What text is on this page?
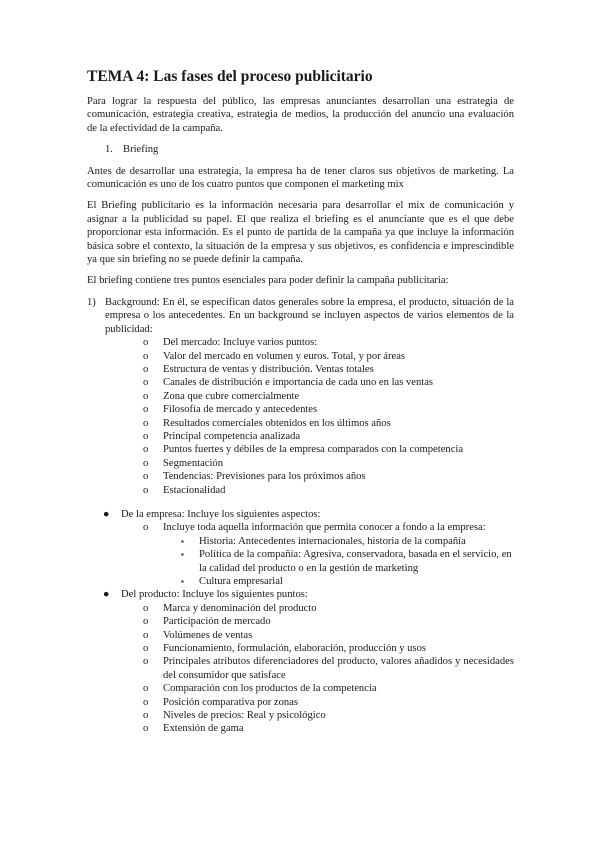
TEMA 4: Las fases del proceso publicitario

Para lograr la respuesta del público, las empresas anunciantes desarrollan una estrategia de comunicación, estrategia creativa, estrategia de medios, la producción del anuncio una evaluación de la efectividad de la campaña.

1. Briefing

Antes de desarrollar una estrategia, la empresa ha de tener claros sus objetivos de marketing. La comunicación es uno de los cuatro puntos que componen el marketing mix

El Briefing publicitario es la información necesaria para desarrollar el mix de comunicación y asignar a la publicidad su papel. El que realiza el briefing es el anunciante que es el que debe proporcionar esta información. Es el punto de partida de la campaña ya que incluye la información básica sobre el contexto, la situación de la empresa y sus objetivos, es confidencia e imprescindible ya que sin briefing no se puede definir la campaña.

El briefing contiene tres puntos esenciales para poder definir la campaña publicitaria:

1) Background: En él, se especifican datos generales sobre la empresa, el producto, situación de la empresa o los antecedentes. En un background se incluyen aspectos de varios elementos de la publicidad:
o	Del mercado: Incluye varios puntos:
o	Valor del mercado en volumen y euros. Total, y por áreas
o	Estructura de ventas y distribución. Ventas totales
o	Canales de distribución e importancia de cada uno en las ventas
o	Zona que cubre comercialmente
o	Filosofía de mercado y antecedentes
o	Resultados comerciales obtenidos en los últimos años
o	Principal competencia analizada
o	Puntos fuertes y débiles de la empresa comparados con la competencia
o	Segmentación
o	Tendencias: Previsiones para los próximos años
o	Estacionalidad
●	De la empresa: Incluye los siguientes aspectos:
o	Incluye toda aquella información que permita conocer a fondo a la empresa:
▪	Historia: Antecedentes internacionales, historia de la compañía
▪	Política de la compañía: Agresiva, conservadora, basada en el servicio, en la calidad del producto o en la gestión de marketing
▪	Cultura empresarial
●	Del producto: Incluye los siguientes puntos:
o	Marca y denominación del producto
o	Participación de mercado
o	Volúmenes de ventas
o	Funcionamiento, formulación, elaboración, producción y usos
o	Principales atributos diferenciadores del producto, valores añadidos y necesidades del consumidor que satisface
o	Comparación con los productos de la competencia
o	Posición comparativa por zonas
o	Niveles de precios: Real y psicológico
o	Extensión de gama
